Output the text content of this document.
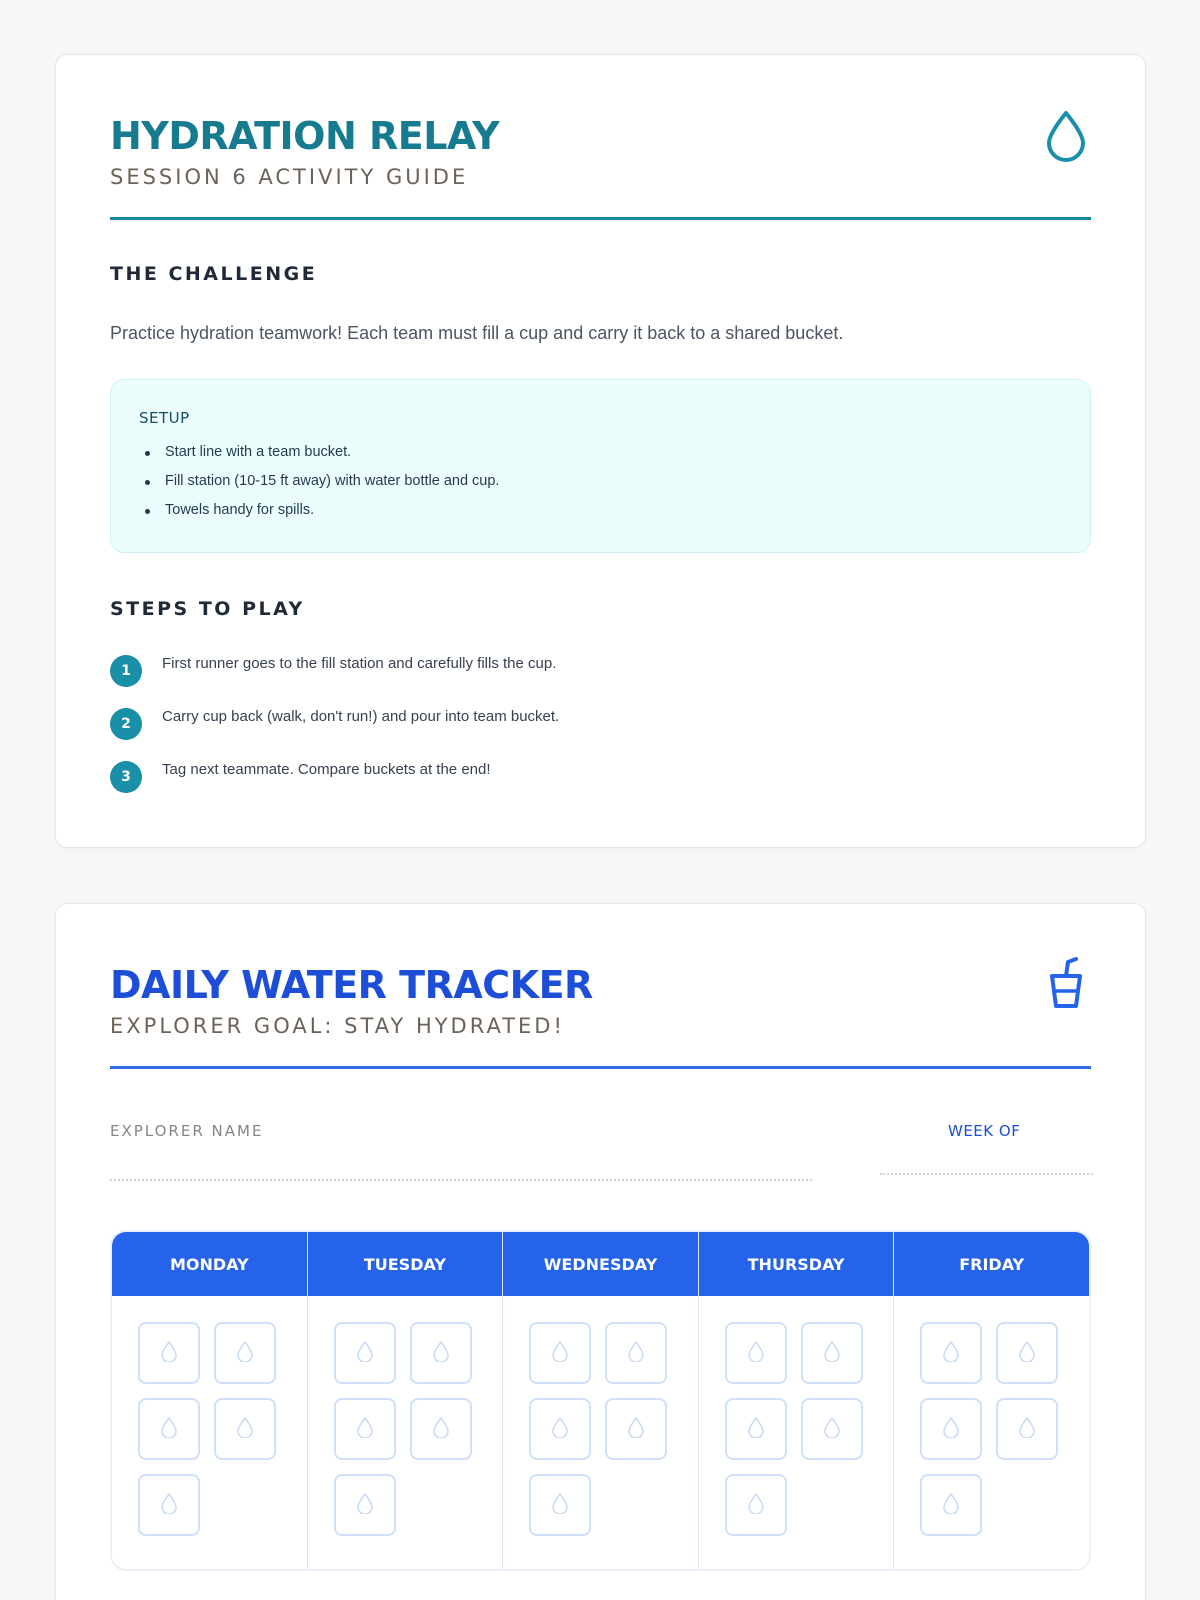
HYDRATION RELAY
SESSION 6 ACTIVITY GUIDE
THE CHALLENGE
Practice hydration teamwork! Each team must fill a cup and carry it back to a shared bucket.
SETUP
Start line with a team bucket.
Fill station (10-15 ft away) with water bottle and cup.
Towels handy for spills.
STEPS TO PLAY
1	First runner goes to the fill station and carefully fills the cup.
2	Carry cup back (walk, don't run!) and pour into team bucket.
3	Tag next teammate. Compare buckets at the end!
DAILY WATER TRACKER
EXPLORER GOAL: STAY HYDRATED!
EXPLORER NAME	WEEK OF
MONDAY	TUESDAY	WEDNESDAY	THURSDAY	FRIDAY
